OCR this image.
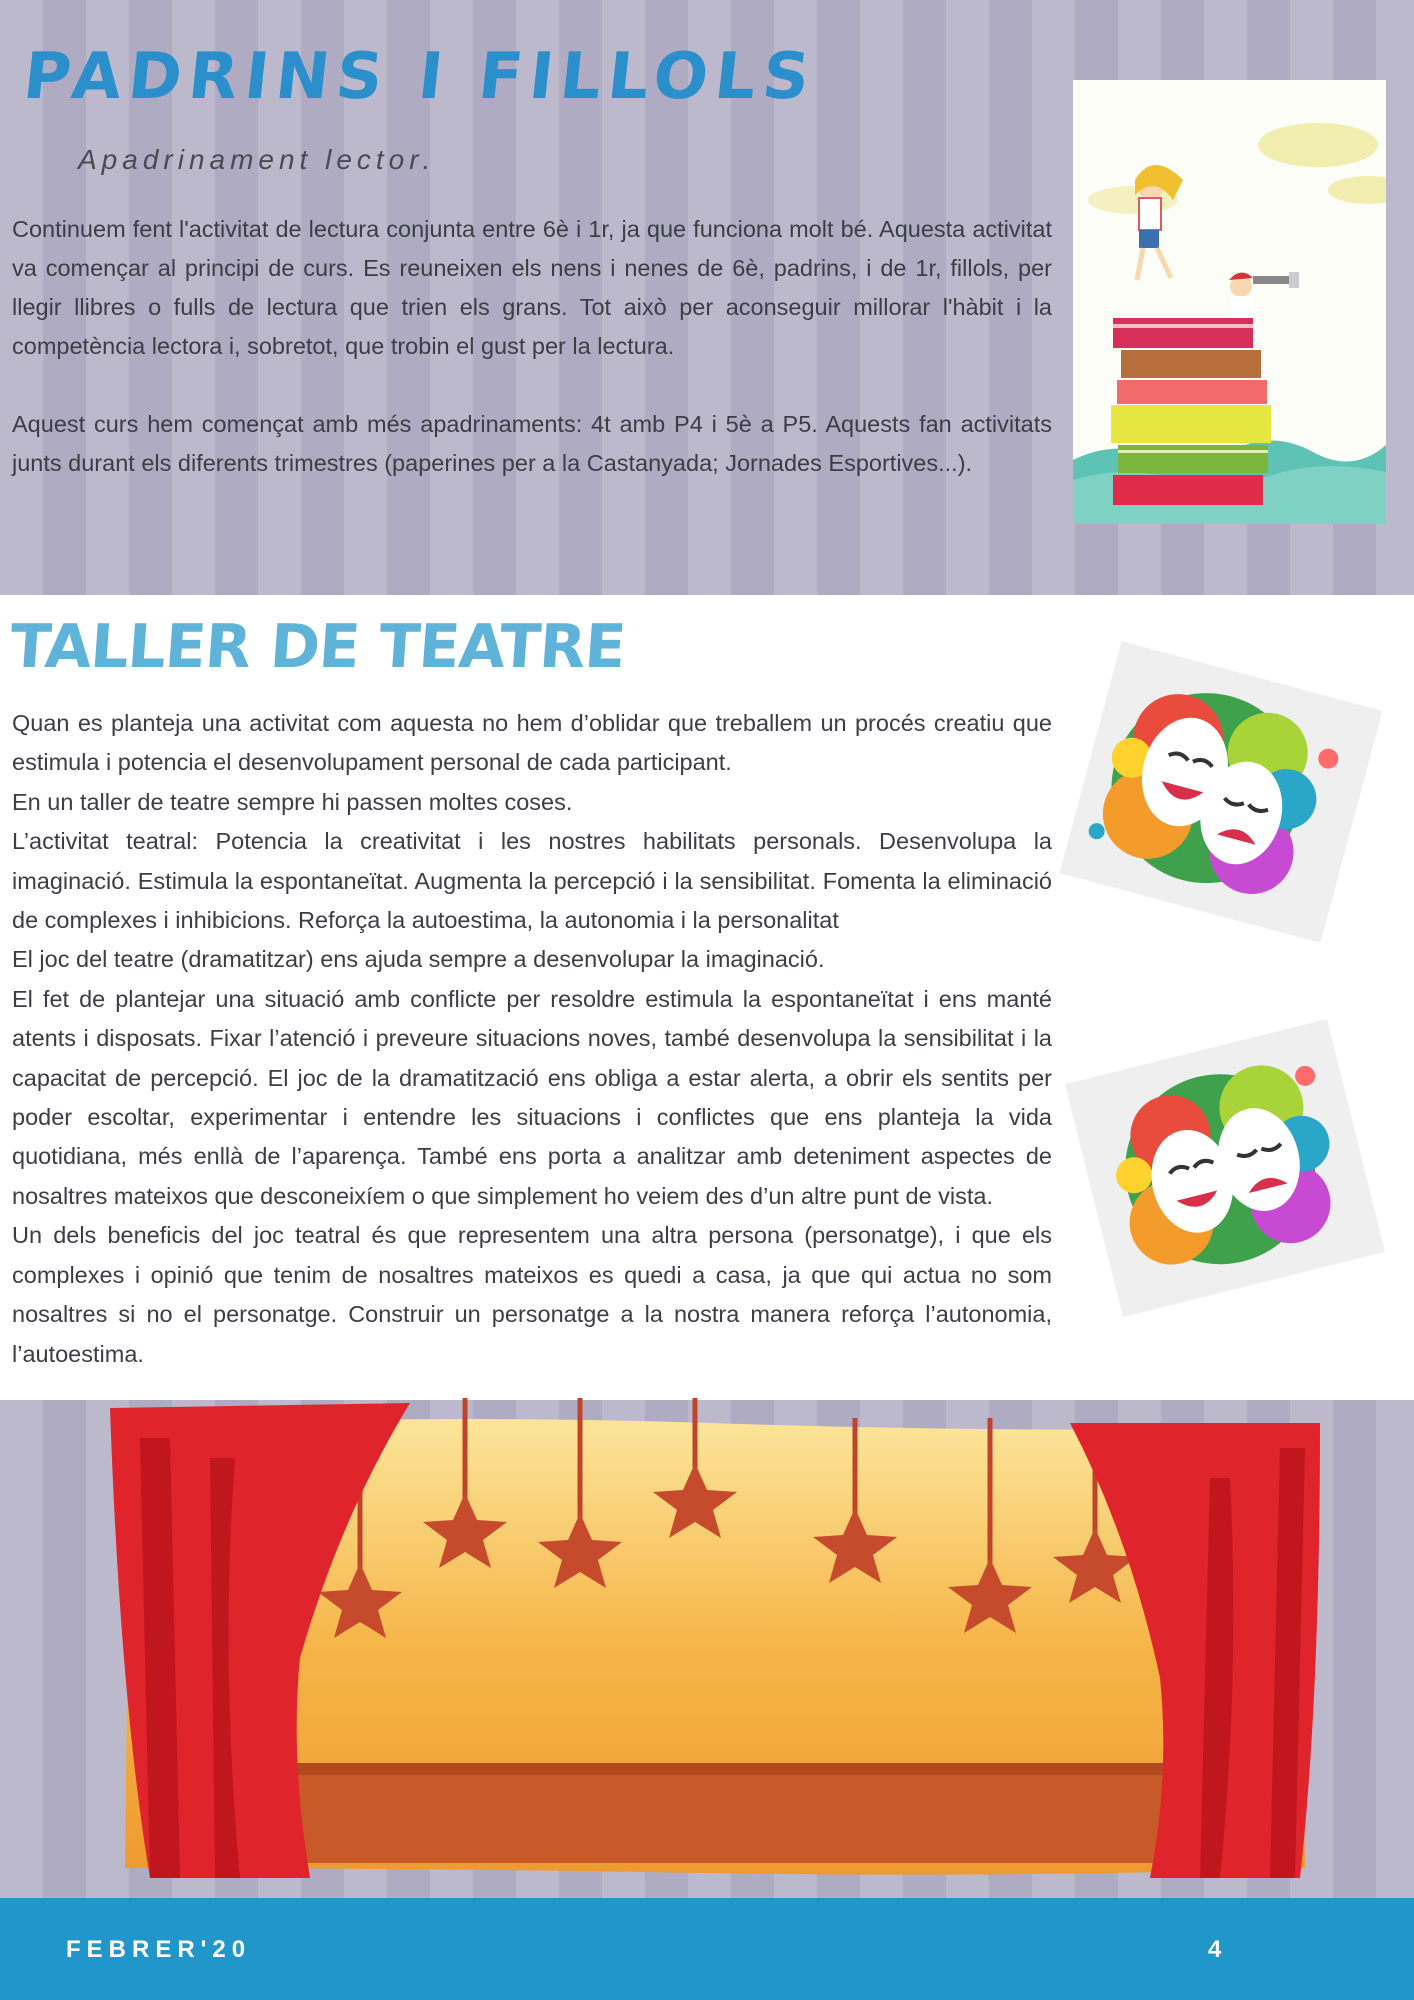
PADRINS I FILLOLS

Apadrinament lector.

Continuem fent l'activitat de lectura conjunta entre 6è i 1r, ja que funciona molt bé. Aquesta activitat va començar al principi de curs. Es reuneixen els nens i nenes de 6è, padrins, i de 1r, fillols, per llegir llibres o fulls de lectura que trien els grans. Tot això per aconseguir millorar l'hàbit i la competència lectora i, sobretot, que trobin el gust per la lectura.

Aquest curs hem començat amb més apadrinaments: 4t amb P4 i 5è a P5. Aquests fan activitats junts durant els diferents trimestres (paperines per a la Castanyada; Jornades Esportives...).

TALLER DE TEATRE

Quan es planteja una activitat com aquesta no hem d’oblidar que treballem un procés creatiu que estimula i potencia el desenvolupament personal de cada participant.

En un taller de teatre sempre hi passen moltes coses.

L’activitat teatral: Potencia la creativitat i les nostres habilitats personals. Desenvolupa la imaginació. Estimula la espontaneïtat. Augmenta la percepció i la sensibilitat. Fomenta la eliminació de complexes i inhibicions. Reforça la autoestima, la autonomia i la personalitat

El joc del teatre (dramatitzar) ens ajuda sempre a desenvolupar la imaginació.

El fet de plantejar una situació amb conflicte per resoldre estimula la espontaneïtat i ens manté atents i disposats. Fixar l’atenció i preveure situacions noves, també desenvolupa la sensibilitat i la capacitat de percepció. El joc de la dramatització ens obliga a estar alerta, a obrir els sentits per poder escoltar, experimentar i entendre les situacions i conflictes que ens planteja la vida quotidiana, més enllà de l’aparença. També ens porta a analitzar amb deteniment aspectes de nosaltres mateixos que desconeixíem o que simplement ho veiem des d’un altre punt de vista.

Un dels beneficis del joc teatral és que representem una altra persona (personatge), i que els complexes i opinió que tenim de nosaltres mateixos es quedi a casa, ja que qui actua no som nosaltres si no el personatge. Construir un personatge a la nostra manera reforça l’autonomia, l’autoestima.

FEBRER'20	4
